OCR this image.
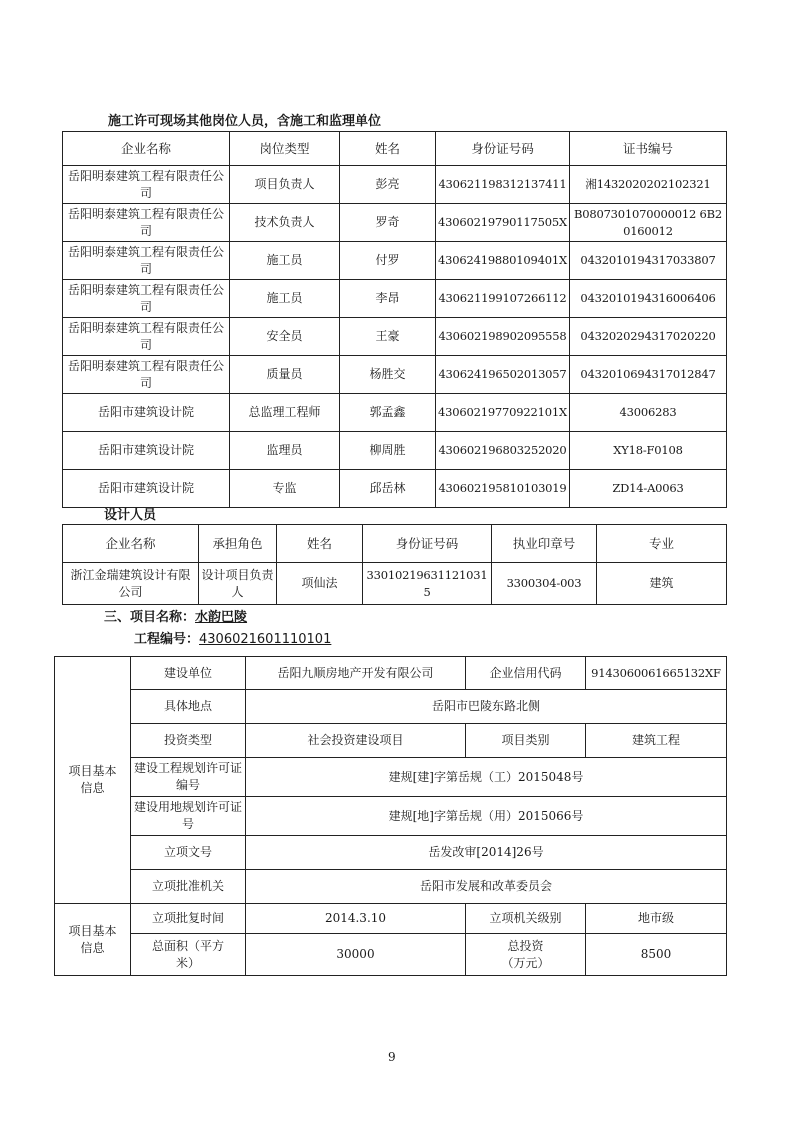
施工许可现场其他岗位人员，含施工和监理单位
企业名称	岗位类型	姓名	身份证号码	证书编号
岳阳明泰建筑工程有限责任公司	项目负责人	彭亮	430621198312137411	湘1432020202102321
岳阳明泰建筑工程有限责任公司	技术负责人	罗奇	43060219790117505X	B0807301070000012 6B20160012
岳阳明泰建筑工程有限责任公司	施工员	付罗	43062419880109401X	0432010194317033807
岳阳明泰建筑工程有限责任公司	施工员	李昂	430621199107266112	0432010194316006406
岳阳明泰建筑工程有限责任公司	安全员	王豪	430602198902095558	0432020294317020220
岳阳明泰建筑工程有限责任公司	质量员	杨胜交	430624196502013057	0432010694317012847
岳阳市建筑设计院	总监理工程师	郭孟鑫	43060219770922101X	43006283
岳阳市建筑设计院	监理员	柳周胜	430602196803252020	XY18-F0108
岳阳市建筑设计院	专监	邱岳林	430602195810103019	ZD14-A0063
设计人员
企业名称	承担角色	姓名	身份证号码	执业印章号	专业
浙江金瑞建筑设计有限公司	设计项目负责人	项仙法	330102196311210315	3300304-003	建筑
三、项目名称：水韵巴陵
工程编号：4306021601110101
项目基本信息	建设单位	岳阳九顺房地产开发有限公司	企业信用代码	9143060061665132XF
	具体地点	岳阳市巴陵东路北侧		
	投资类型	社会投资建设项目	项目类别	建筑工程
	建设工程规划许可证编号	建规[建]字第岳规（工）2015048号		
	建设用地规划许可证号	建规[地]字第岳规（用）2015066号		
	立项文号	岳发改审[2014]26号		
	立项批准机关	岳阳市发展和改革委员会		
项目基本信息	立项批复时间	2014.3.10	立项机关级别	地市级
	总面积（平方米）	30000	总投资（万元）	8500
9
